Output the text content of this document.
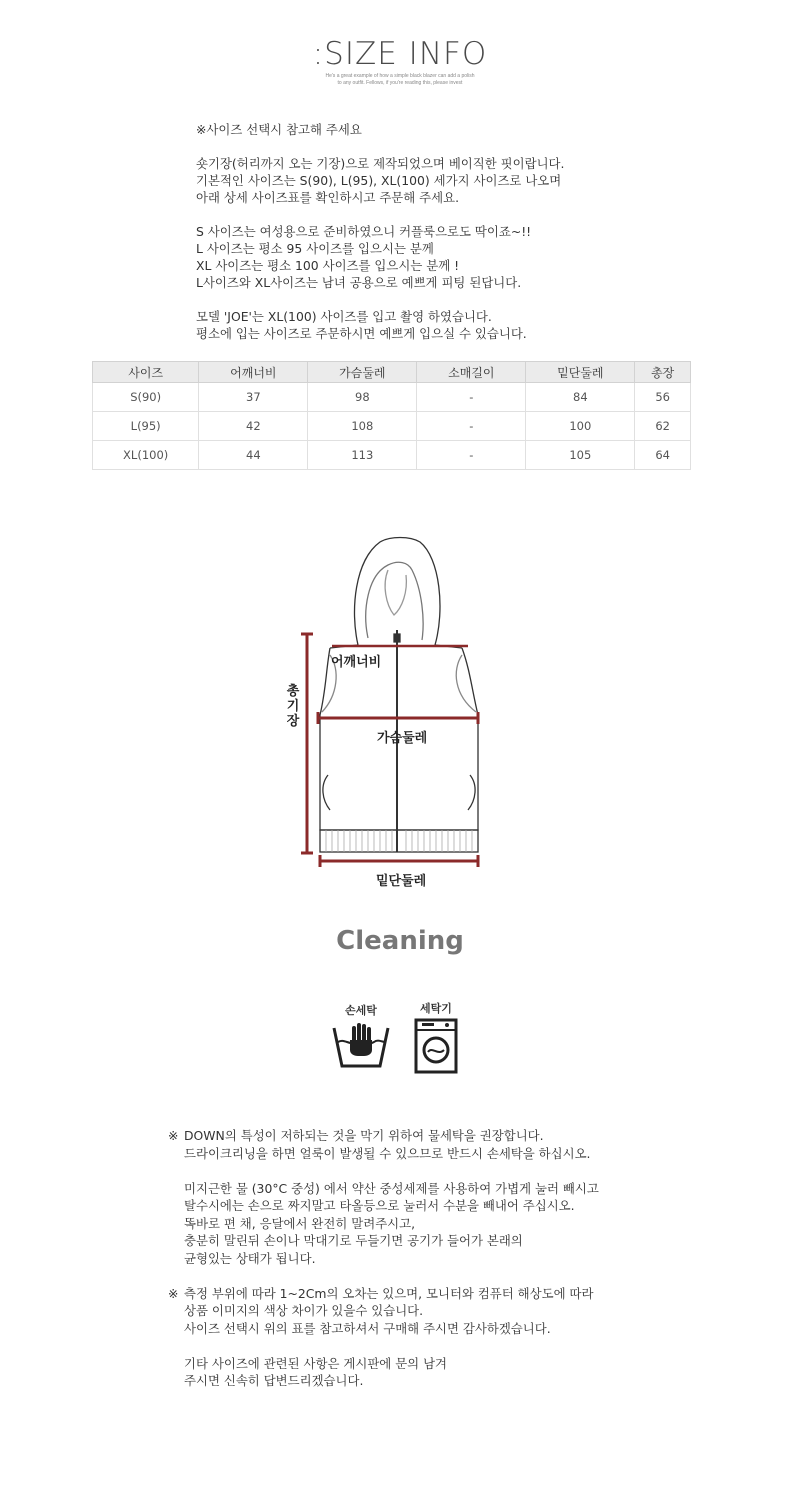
:SIZE INFO
He's a great example of how a simple black blazer can add a polish
to any outfit. Fellows, if you're reading this, please invest

※사이즈 선택시 참고해 주세요

숏기장(허리까지 오는 기장)으로 제작되었으며 베이직한 핏이랍니다.

기본적인 사이즈는 S(90), L(95), XL(100) 세가지 사이즈로 나오며

아래 상세 사이즈표를 확인하시고 주문해 주세요.

S 사이즈는 여성용으로 준비하였으니 커플룩으로도 딱이죠~!!

L 사이즈는 평소 95 사이즈를 입으시는 분께

XL 사이즈는 평소 100 사이즈를 입으시는 분께 !

L사이즈와 XL사이즈는 남녀 공용으로 예쁘게 피팅 된답니다.

모델 'JOE'는 XL(100) 사이즈를 입고 촬영 하였습니다.

평소에 입는 사이즈로 주문하시면 예쁘게 입으실 수 있습니다.

사이즈	어깨너비	가슴둘레	소매길이	밑단둘레	총장
S(90)	37	98	-	84	56
L(95)	42	108	-	100	62
XL(100)	44	113	-	105	64
어깨너비
가슴둘레
밑단둘레
총
기
장
Cleaning
손세탁	세탁기

※ DOWN의 특성이 저하되는 것을 막기 위하여 물세탁을 권장합니다.

드라이크리닝을 하면 얼룩이 발생될 수 있으므로 반드시 손세탁을 하십시오.

미지근한 물 (30°C 중성) 에서 약산 중성세제를 사용하여 가볍게 눌러 빼시고

탈수시에는 손으로 짜지말고 타올등으로 눌러서 수분을 빼내어 주십시오.

똑바로 편 채, 응달에서 완전히 말려주시고,

충분히 말린뒤 손이나 막대기로 두들기면 공기가 들어가 본래의

균형있는 상태가 됩니다.

※ 측정 부위에 따라 1~2Cm의 오차는 있으며, 모니터와 컴퓨터 해상도에 따라

상품 이미지의 색상 차이가 있을수 있습니다.

사이즈 선택시 위의 표를 참고하셔서 구매해 주시면 감사하겠습니다.

기타 사이즈에 관련된 사항은 게시판에 문의 남겨

주시면 신속히 답변드리겠습니다.
